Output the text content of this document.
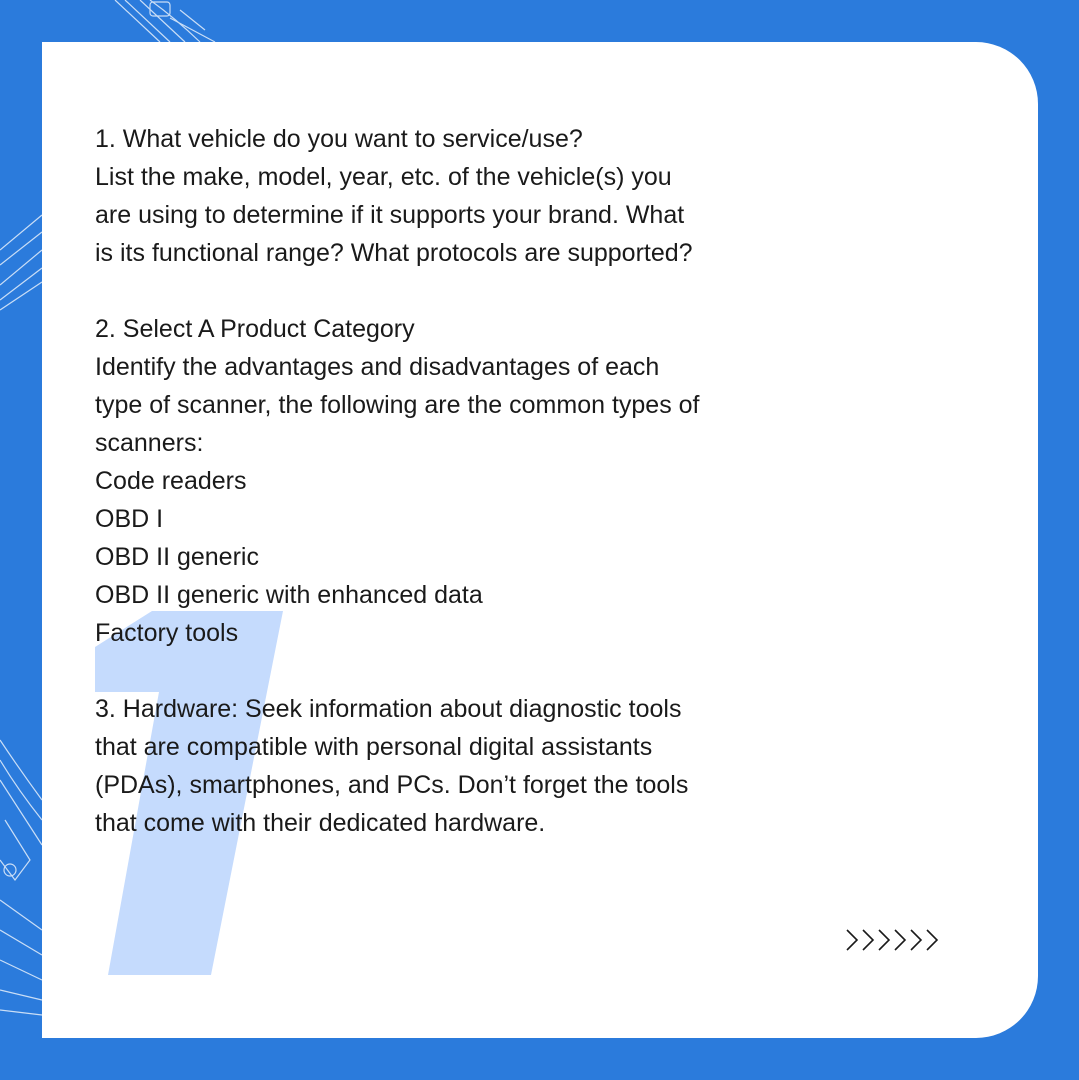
1. What vehicle do you want to service/use?
List the make, model, year, etc. of the vehicle(s) you
are using to determine if it supports your brand. What
is its functional range? What protocols are supported?
2. Select A Product Category
Identify the advantages and disadvantages of each
type of scanner, the following are the common types of
scanners:
Code readers
OBD I
OBD II generic
OBD II generic with enhanced data
Factory tools
3. Hardware: Seek information about diagnostic tools
that are compatible with personal digital assistants
(PDAs), smartphones, and PCs. Don’t forget the tools
that come with their dedicated hardware.
